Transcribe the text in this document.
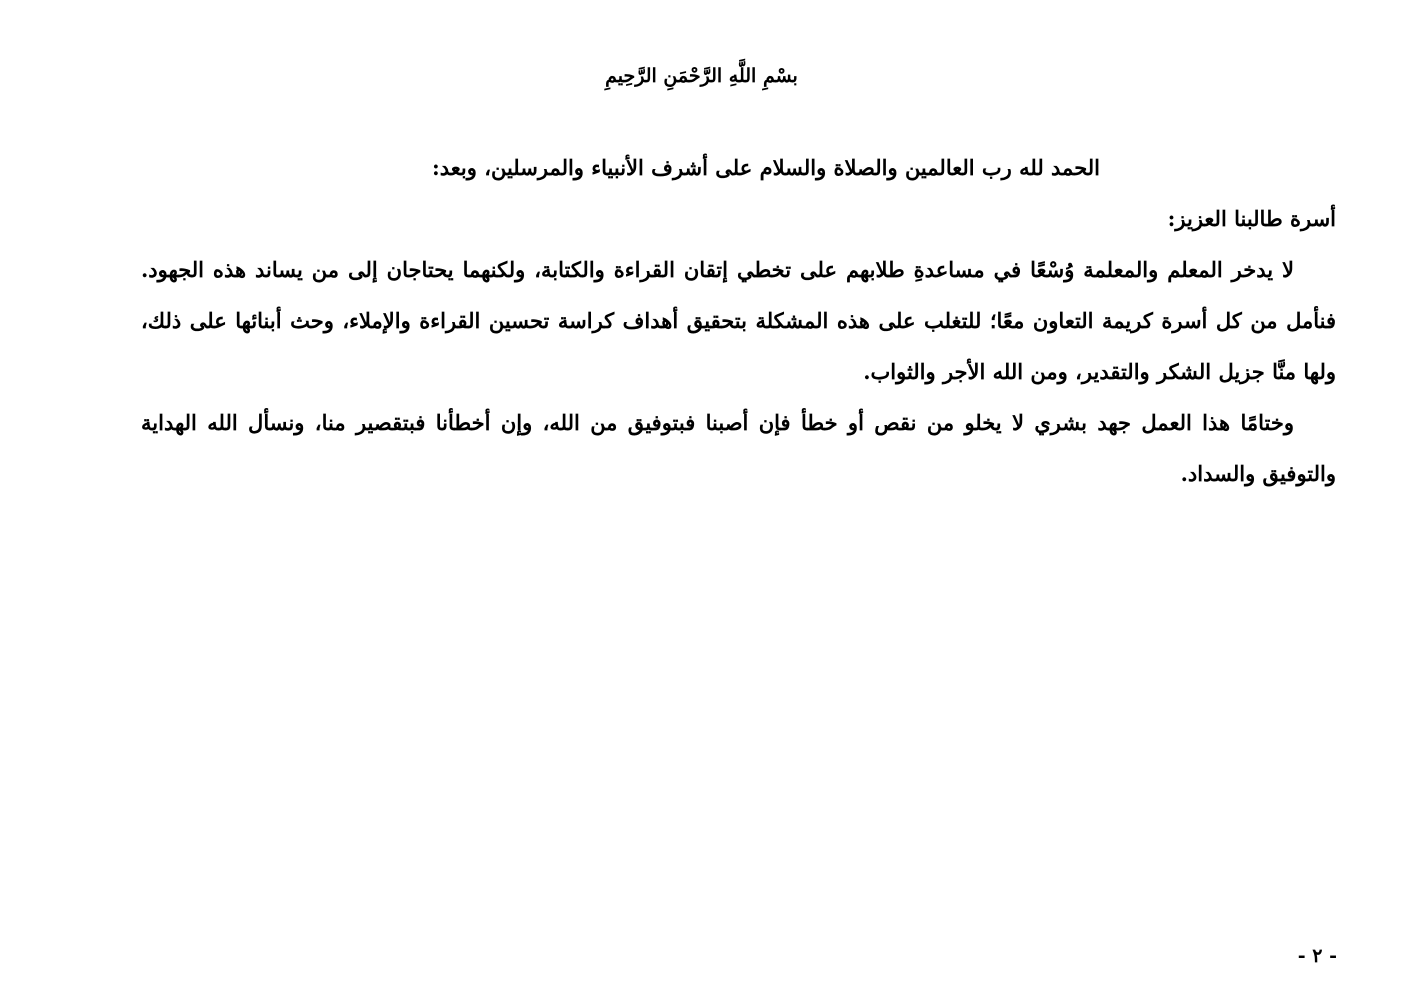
بسْمِ اللَّهِ الرَّحْمَنِ الرَّحِيمِ

الحمد لله رب العالمين والصلاة والسلام على أشرف الأنبياء والمرسلين، وبعد:

أسرة طالبنا العزيز:

لا يدخر المعلم والمعلمة وُسْعًا في مساعدةِ طلابهم على تخطي إتقان القراءة والكتابة، ولكنهما يحتاجان إلى من يساند هذه الجهود. فنأمل من كل أسرة كريمة التعاون معًا؛ للتغلب على هذه المشكلة بتحقيق أهداف كراسة تحسين القراءة والإملاء، وحث أبنائها على ذلك، ولها منَّا جزيل الشكر والتقدير، ومن الله الأجر والثواب.

وختامًا هذا العمل جهد بشري لا يخلو من نقص أو خطأ فإن أصبنا فبتوفيق من الله، وإن أخطأنا فبتقصير منا، ونسأل الله الهداية والتوفيق والسداد.

- ٢ -
